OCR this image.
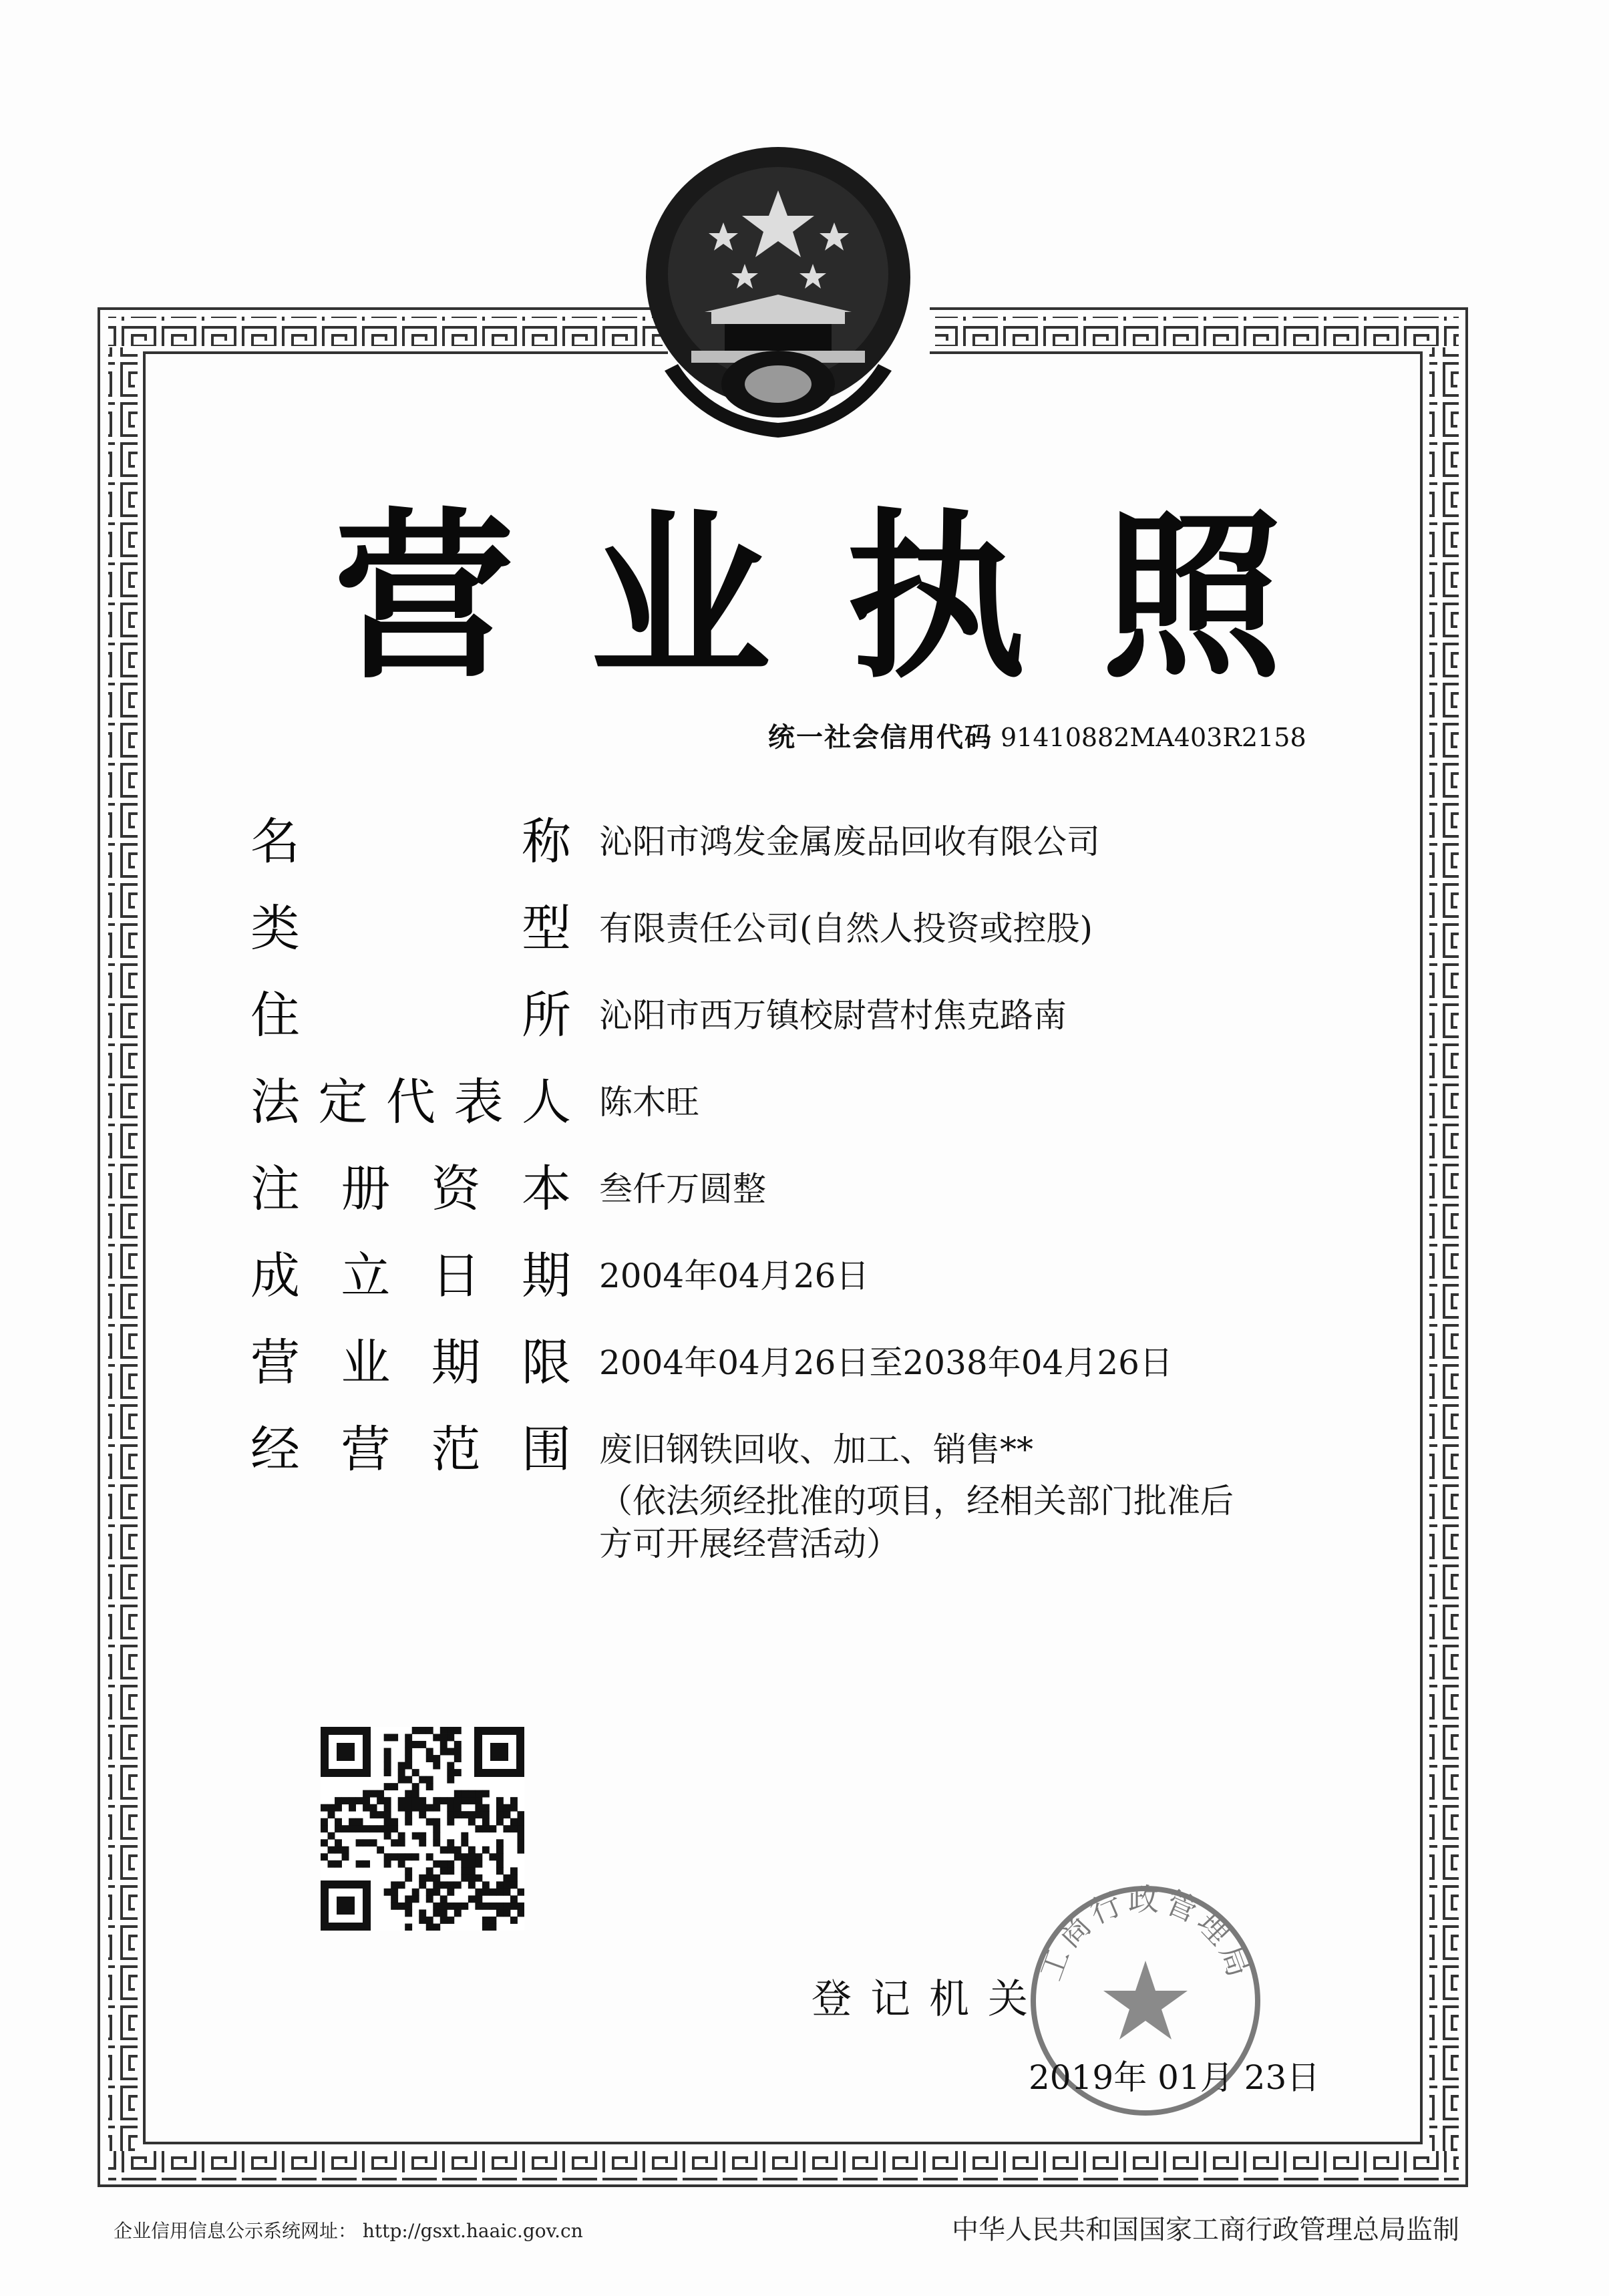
营 业 执 照
统一社会信用代码 91410882MA403R2158
名	称 沁阳市鸿发金属废品回收有限公司
类	型 有限责任公司(自然人投资或控股)
住	所 沁阳市西万镇校尉营村焦克路南
法 定 代 表 人 陈木旺
注 册 资 本 叁仟万圆整
成 立 日 期 2004年04月26日
营 业 期 限 2004年04月26日至2038年04月26日
经 营 范 围 废旧钢铁回收、加工、销售**
（依法须经批准的项目，经相关部门批准后
方可开展经营活动）
工商行政管理局
登记机关
2019年 01月 23日
企业信用信息公示系统网址： http://gsxt.haaic.gov.cn	中华人民共和国国家工商行政管理总局监制
